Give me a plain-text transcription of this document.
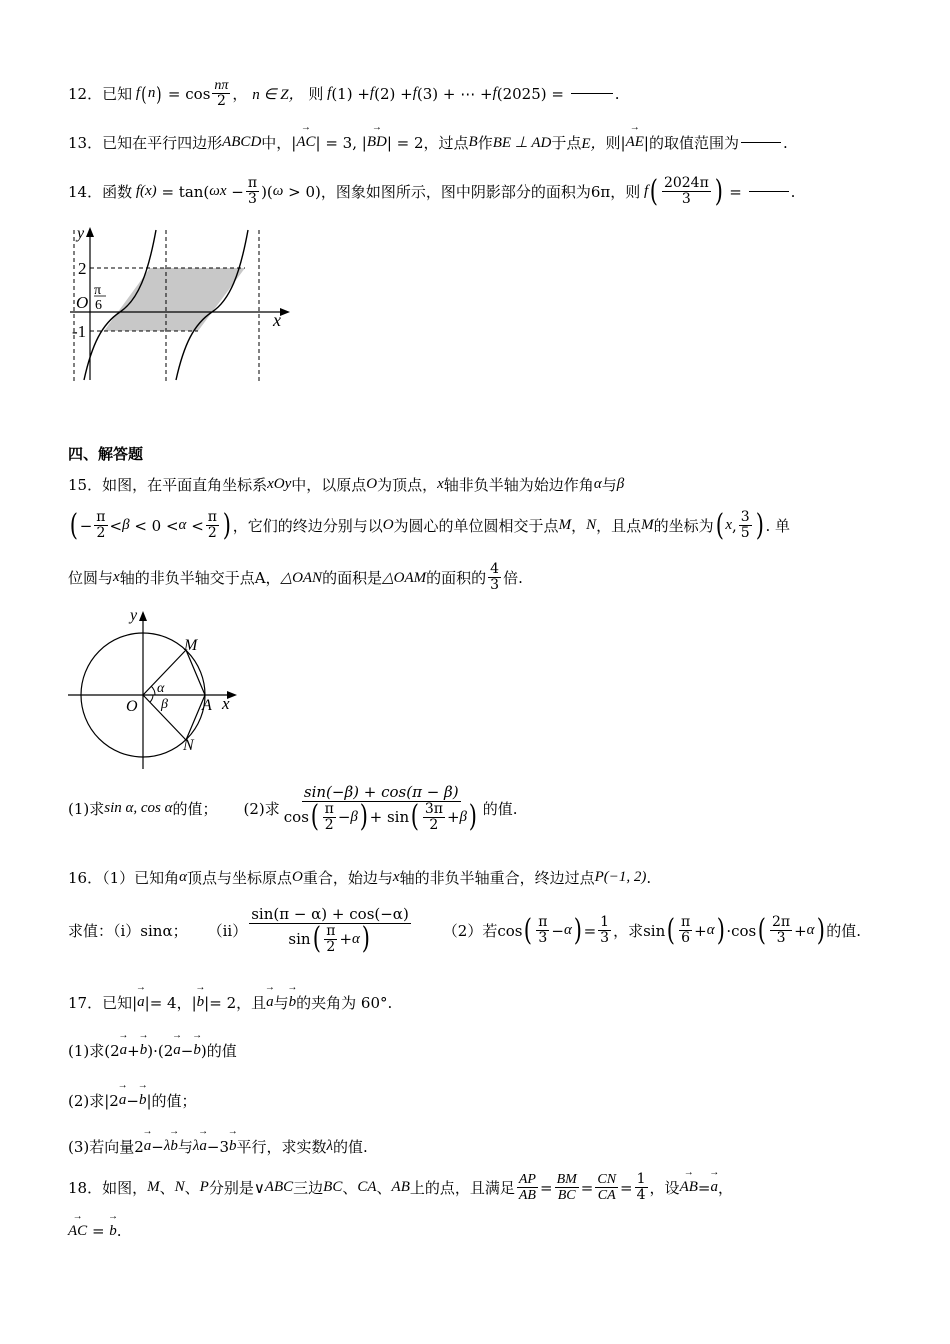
12． 已知 f ( n ) = $\cos \frac{n\pi}{2}$ ， n ∈ Z，
则 f (1) + f (2) + f (3) + ⋯ + f (2025) =	.
13． 已知在平行四边形 ABCD 中，| AC → | = 3, | BD → | = 2，过点 B 作 BE ⊥ AD 于点 E， 则| AE → |的取值范围为	.
14． 函数 f(x) = tan( $\omega x - \frac{\pi}{3}$ )( ω > 0) ，图象如图所示，图中阴影部分的面积为6π，则 f ( $\frac{2024\pi}{3}$ ) =	.
y
x
O
2
-1
π
6
四、解答题
15．如图，在平面直角坐标系 xOy 中，以原点 O 为顶点， x 轴非负半轴为始边作角 α 与 β
( − $\frac{\pi}{2} < \beta < 0 < \alpha < \frac{\pi}{2}$ ) ，它们的终边分别与以 O 为圆心的单位圆相交于点 M ， N ，且点 M 的坐标为 ( x , $\frac{3}{5}$ ) . 单
位圆与 x 轴的非负半轴交于点A， △OAN 的面积是 △OAM 的面积的 $\frac{4}{3}$ 倍.
y
x
O
M
N
A
α
β
(1)求 sin α, cos α 的值； (2)求 $\frac{\sin(-\beta) + \cos(\pi - \beta)}{\cos ( \frac{\pi}{2} - \beta ) + \sin ( \frac{3\pi}{2} + \beta )}$ 的值.
16．（1）已知角 α 顶点与坐标原点 O 重合，始边与 x 轴的非负半轴重合，终边过点 P(−1, 2) .
求值：（i）sinα； $(ii) \frac{\sin(\pi - \alpha) + \cos(-\alpha)}{\sin ( \frac{\pi}{2} + \alpha )} (2)$若 cos ( $\frac{\pi}{3} - \alpha$ ) = $\frac{1}{3}$ ，求 sin ( $\frac{\pi}{6} + \alpha$ ) ·cos ( $\frac{2\pi}{3} + \alpha$ ) 的值.
17．已知 | a → | = 4， | b → | = 2，且 a → 与 b → 的夹角为 60°.
(1)求 (2 a → + b → )·(2 a → − b → ) 的值
(2)求 |2 a → − b → | 的值；
(3)若向量 2 a → − λ b → 与 λ a → −3 b → 平行，求实数 λ 的值.
18．如图， M 、 N 、 P 分别是∨ ABC 三边 BC 、 CA 、 AB 上的点，且满足 $\frac{AP}{AB} = \frac{BM}{BC} = \frac{CN}{CA} = \frac{1}{4}$ ，设 AB → = a → ，
AC → = b → .
